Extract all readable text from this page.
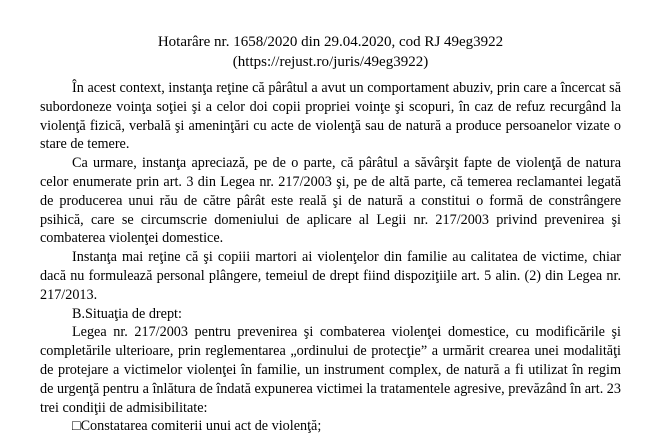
Hotarâre nr. 1658/2020 din 29.04.2020, cod RJ 49eg3922
(https://rejust.ro/juris/49eg3922)

În acest context, instanţa reţine că pârâtul a avut un comportament abuziv, prin care a încercat să subordoneze voinţa soţiei şi a celor doi copii propriei voinţe şi scopuri, în caz de refuz recurgând la violenţă fizică, verbală şi ameninţări cu acte de violenţă sau de natură a produce persoanelor vizate o stare de temere.

Ca urmare, instanţa apreciază, pe de o parte, că pârâtul a săvârşit fapte de violenţă de natura celor enumerate prin art. 3 din Legea nr. 217/2003 şi, pe de altă parte, că temerea reclamantei legată de producerea unui rău de către pârât este reală şi de natură a constitui o formă de constrângere psihică, care se circumscrie domeniului de aplicare al Legii nr. 217/2003 privind prevenirea şi combaterea violenţei domestice.

Instanţa mai reţine că şi copiii martori ai violenţelor din familie au calitatea de victime, chiar dacă nu formulează personal plângere, temeiul de drept fiind dispoziţiile art. 5 alin. (2) din Legea nr. 217/2013.

B.Situaţia de drept:

Legea nr. 217/2003 pentru prevenirea şi combaterea violenţei domestice, cu modificările şi completările ulterioare, prin reglementarea „ordinului de protecţie” a urmărit crearea unei modalităţi de protejare a victimelor violenţei în familie, un instrument complex, de natură a fi utilizat în regim de urgenţă pentru a înlătura de îndată expunerea victimei la tratamentele agresive, prevăzând în art. 23 trei condiţii de admisibilitate:

□Constatarea comiterii unui act de violenţă;
